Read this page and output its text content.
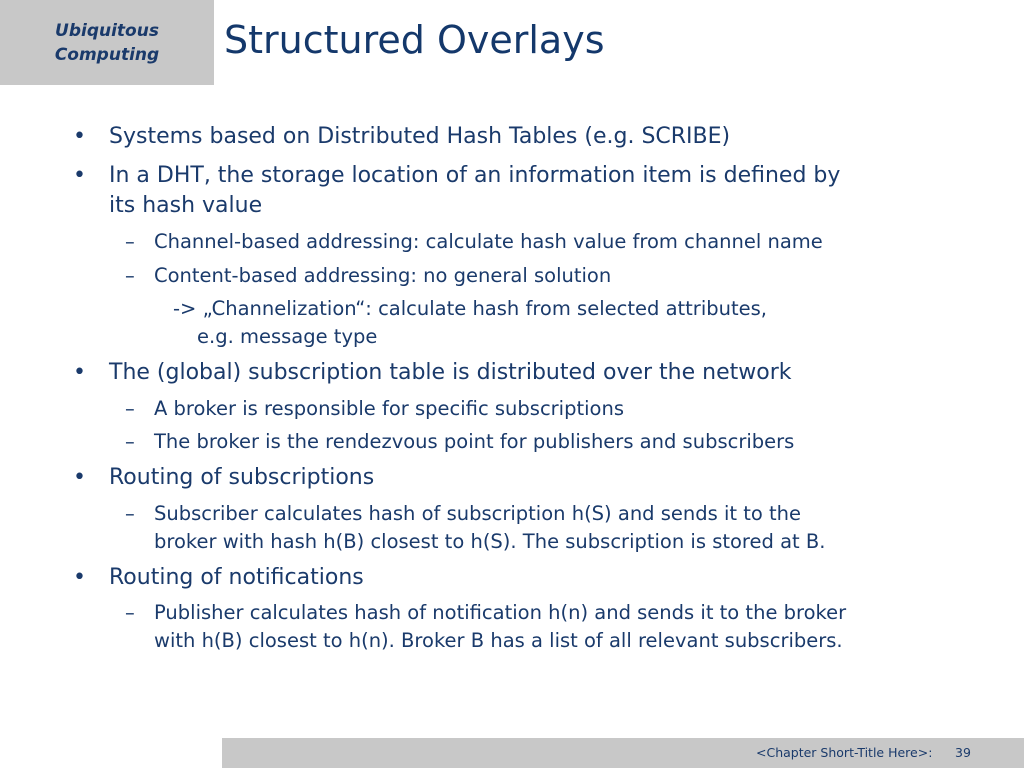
Ubiquitous
Computing	Structured Overlays
• Systems based on Distributed Hash Tables (e.g. SCRIBE)
• In a DHT, the storage location of an information item is defined by
its hash value
– Channel-based addressing: calculate hash value from channel name
– Content-based addressing: no general solution
-> „Channelization“: calculate hash from selected attributes,
e.g. message type
• The (global) subscription table is distributed over the network
– A broker is responsible for specific subscriptions
– The broker is the rendezvous point for publishers and subscribers
• Routing of subscriptions
– Subscriber calculates hash of subscription h(S) and sends it to the
broker with hash h(B) closest to h(S). The subscription is stored at B.
• Routing of notifications
– Publisher calculates hash of notification h(n) and sends it to the broker
with h(B) closest to h(n). Broker B has a list of all relevant subscribers.
<Chapter Short-Title Here>: 39
